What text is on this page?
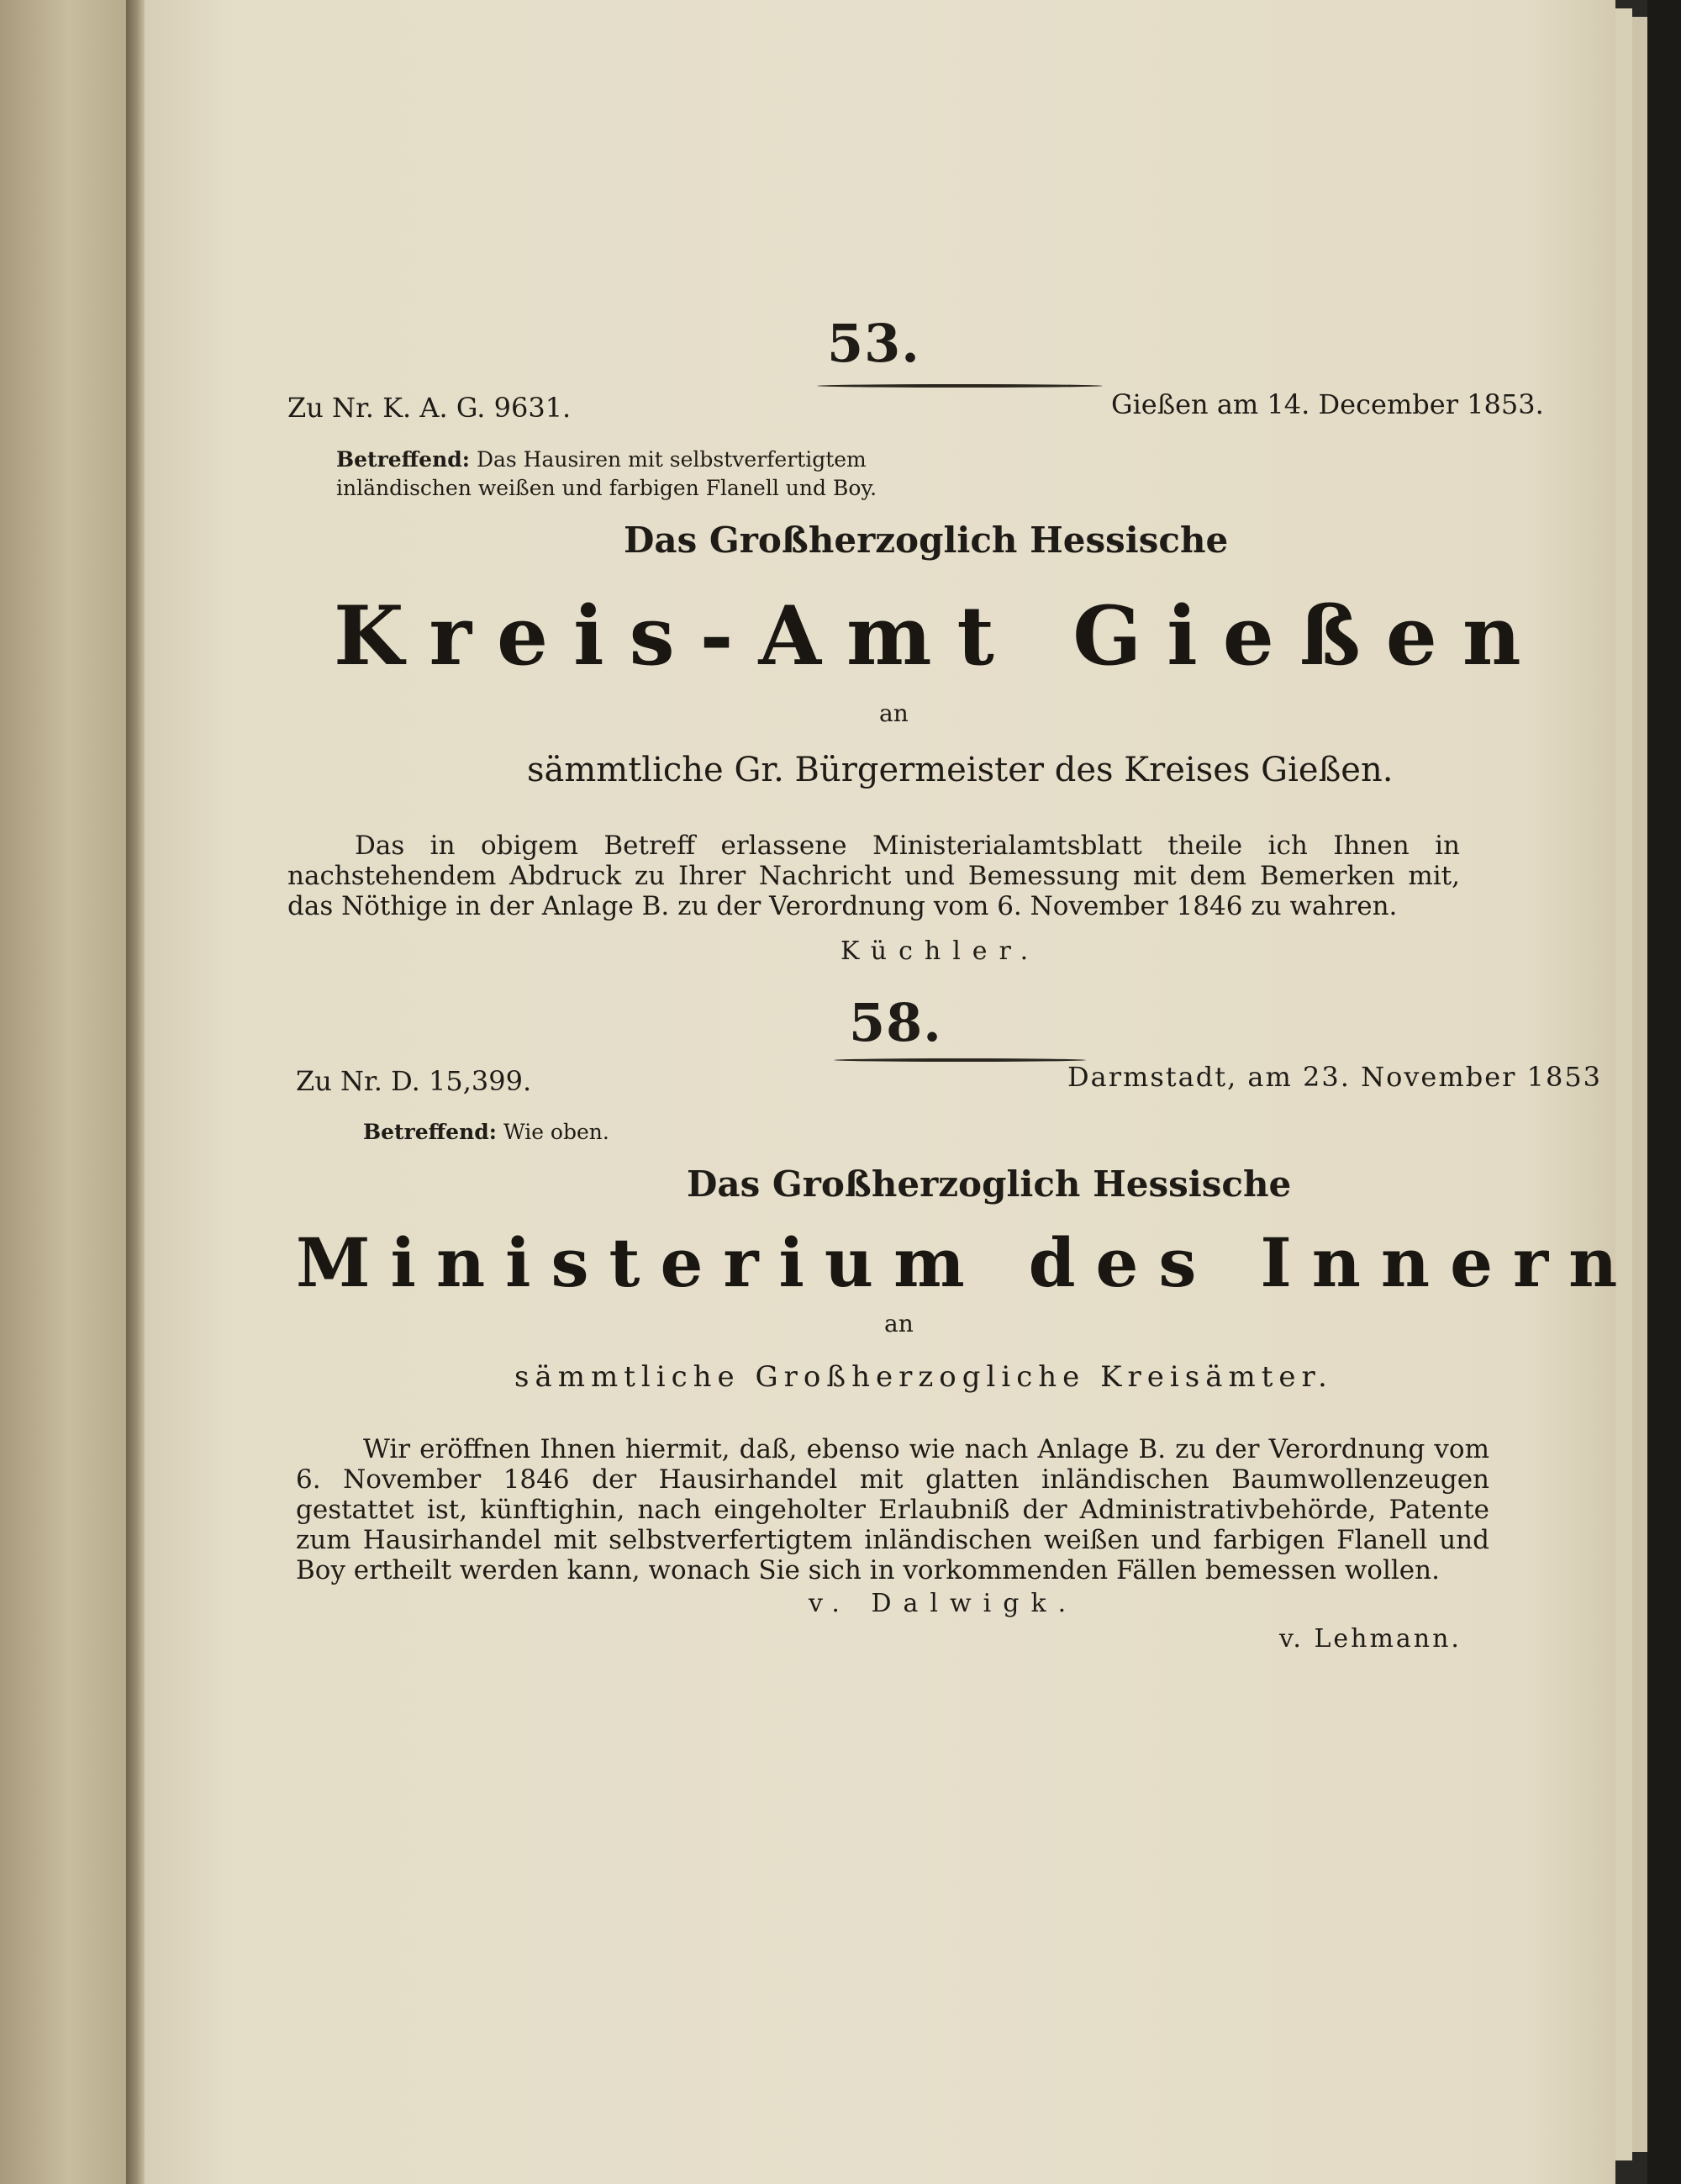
53.
Zu Nr. K. A. G. 9631.	Gießen am 14. December 1853.
Betreffend: Das Hausiren mit selbstverfertigtem inländischen weißen und farbigen Flanell und Boy.
Das Großherzoglich Hessische
Kreis-Amt Gießen
an
sämmtliche Gr. Bürgermeister des Kreises Gießen.
Das in obigem Betreff erlassene Ministerialamtsblatt theile ich Ihnen in nachstehendem Abdruck zu Ihrer Nachricht und Bemessung mit dem Bemerken mit, das Nöthige in der Anlage B. zu der Verordnung vom 6. November 1846 zu wahren.
Küchler.
58.
Zu Nr. D. 15,399.	Darmstadt, am 23. November 1853
Betreffend: Wie oben.
Das Großherzoglich Hessische
Ministerium des Innern
an
sämmtliche Großherzogliche Kreisämter.
Wir eröffnen Ihnen hiermit, daß, ebenso wie nach Anlage B. zu der Verordnung vom 6. November 1846 der Hausirhandel mit glatten inländischen Baumwollenzeugen gestattet ist, künftighin, nach eingeholter Erlaubniß der Administrativbehörde, Patente zum Hausirhandel mit selbstverfertigtem inländischen weißen und farbigen Flanell und Boy ertheilt werden kann, wonach Sie sich in vorkommenden Fällen bemessen wollen.
v. Dalwigk.
v. Lehmann.
